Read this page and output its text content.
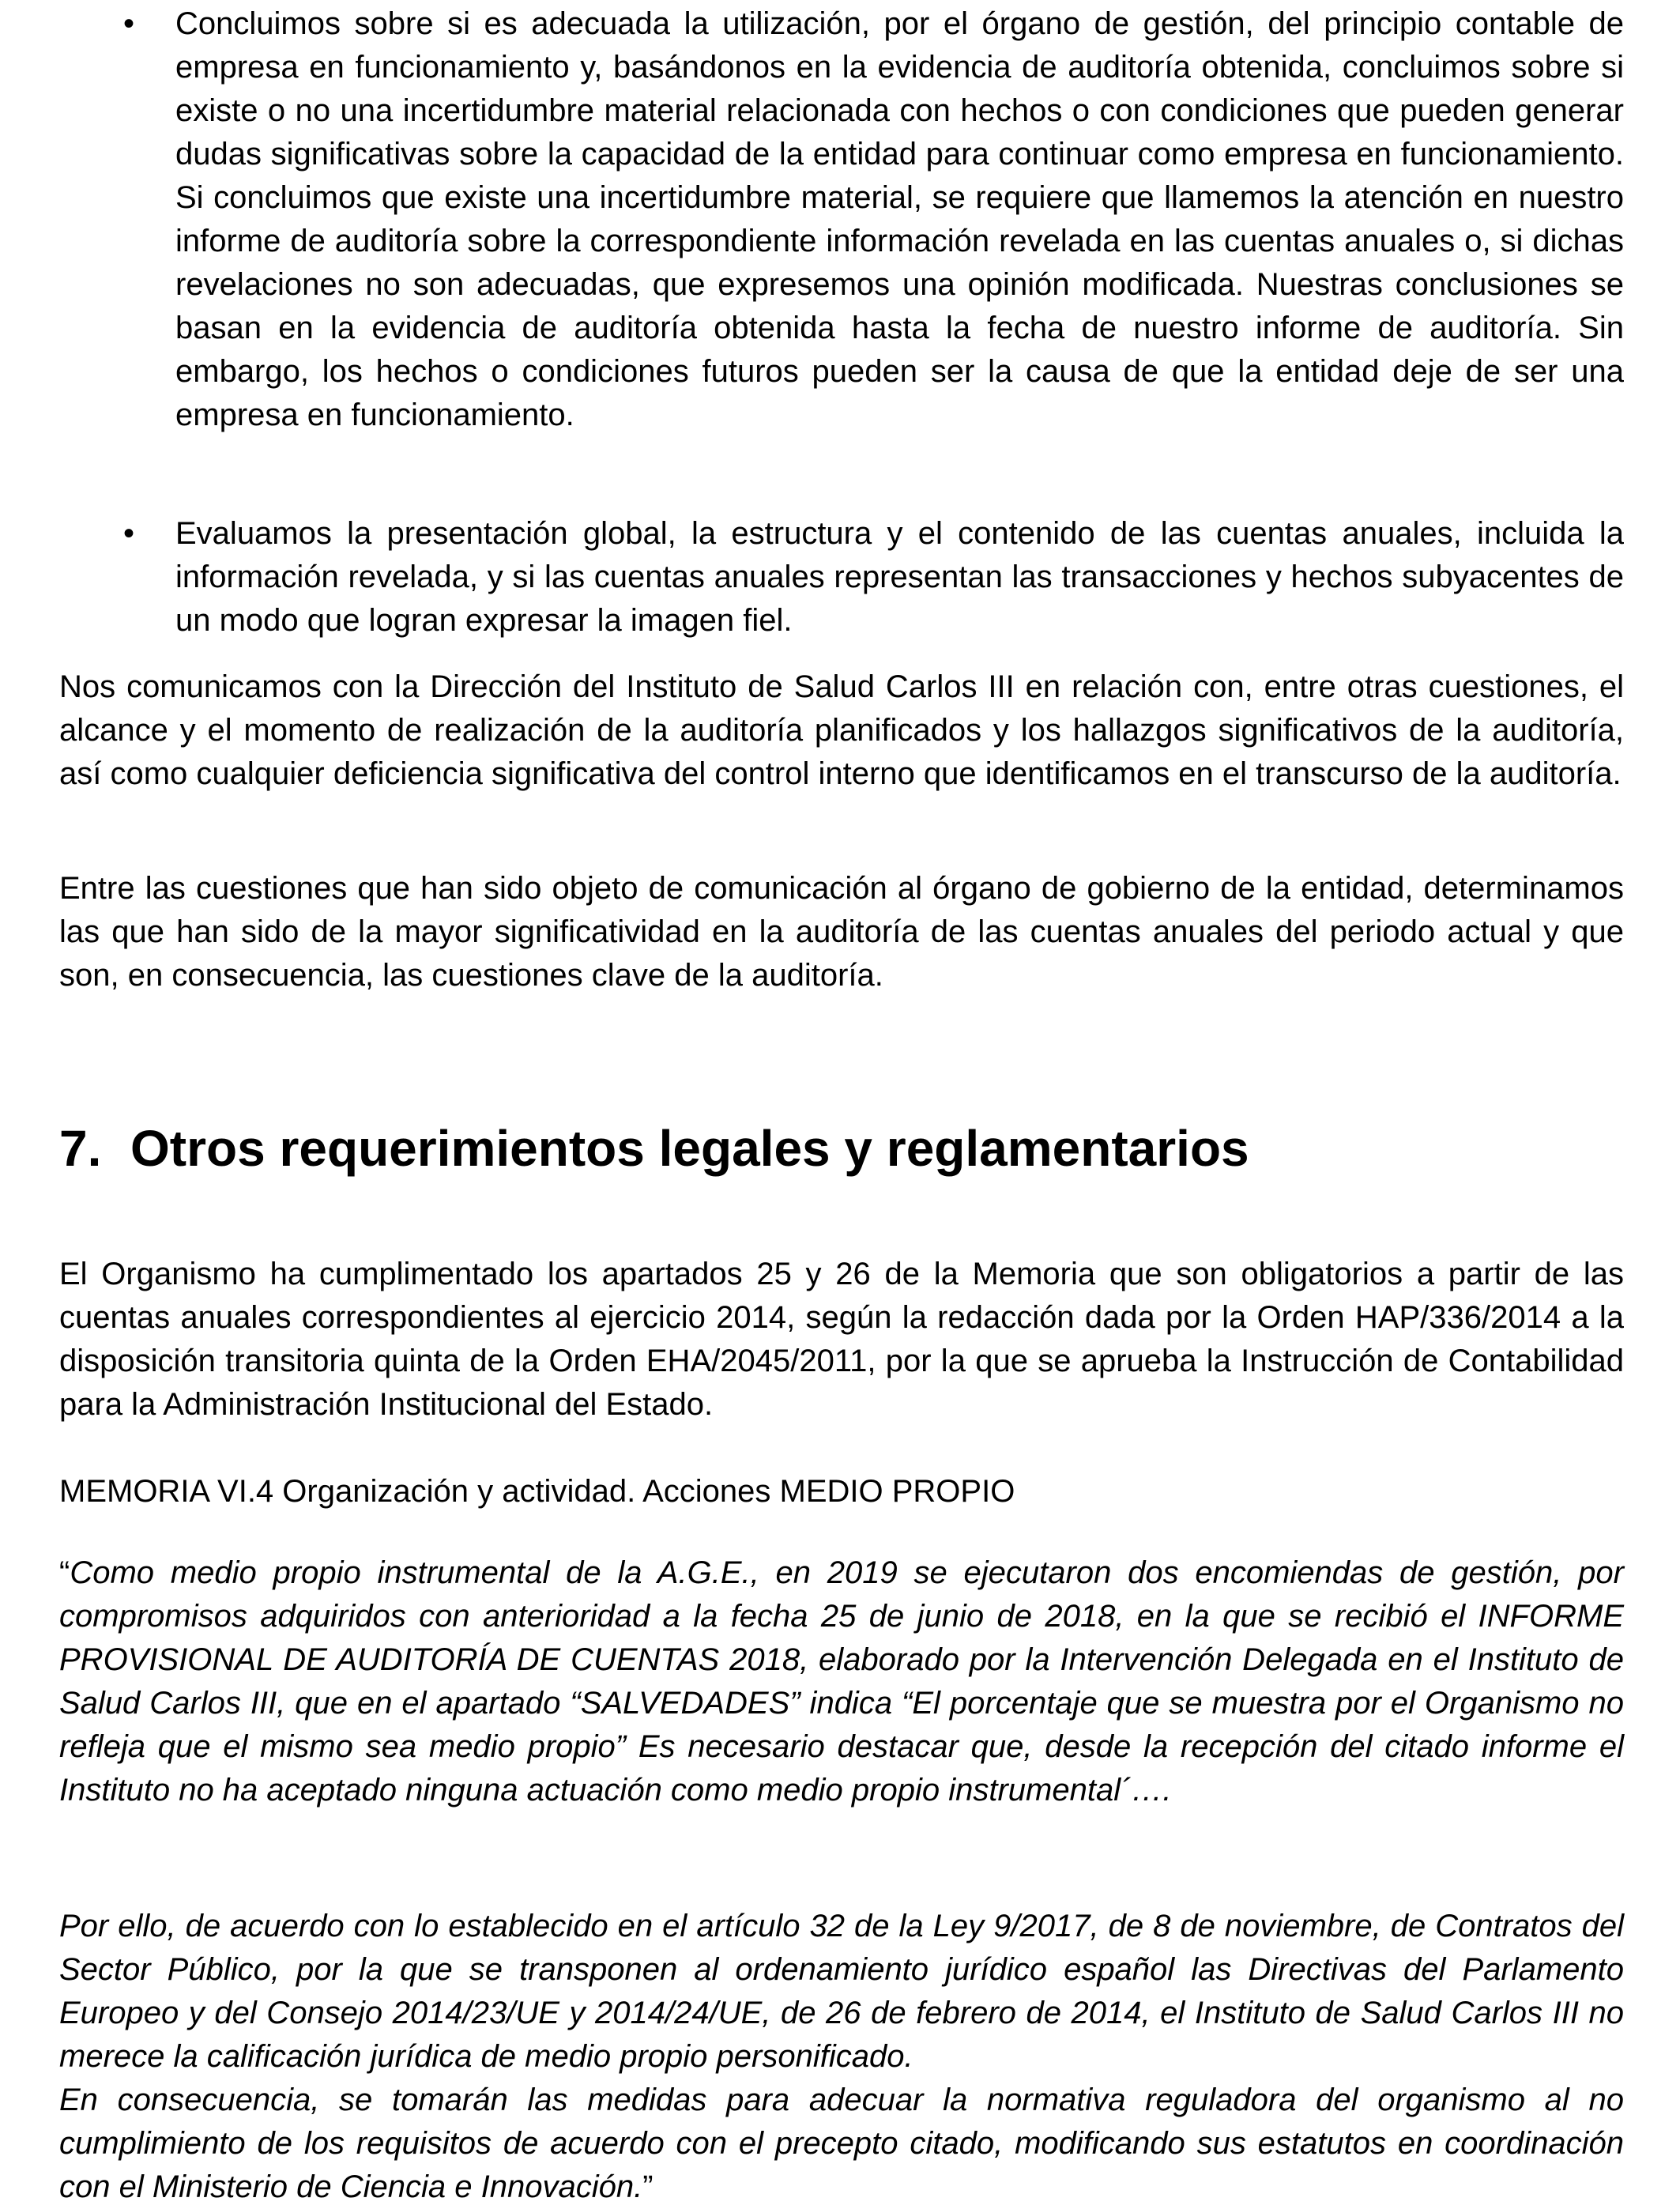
• Concluimos sobre si es adecuada la utilización, por el órgano de gestión, del principio contable de empresa en funcionamiento y, basándonos en la evidencia de auditoría obtenida, concluimos sobre si existe o no una incertidumbre material relacionada con hechos o con condiciones que pueden generar dudas significativas sobre la capacidad de la entidad para continuar como empresa en funcionamiento. Si concluimos que existe una incertidumbre material, se requiere que llamemos la atención en nuestro informe de auditoría sobre la correspondiente información revelada en las cuentas anuales o, si dichas revelaciones no son adecuadas, que expresemos una opinión modificada. Nuestras conclusiones se basan en la evidencia de auditoría obtenida hasta la fecha de nuestro informe de auditoría. Sin embargo, los hechos o condiciones futuros pueden ser la causa de que la entidad deje de ser una empresa en funcionamiento.
• Evaluamos la presentación global, la estructura y el contenido de las cuentas anuales, incluida la información revelada, y si las cuentas anuales representan las transacciones y hechos subyacentes de un modo que logran expresar la imagen fiel.

Nos comunicamos con la Dirección del Instituto de Salud Carlos III en relación con, entre otras cuestiones, el alcance y el momento de realización de la auditoría planificados y los hallazgos significativos de la auditoría, así como cualquier deficiencia significativa del control interno que identificamos en el transcurso de la auditoría.

Entre las cuestiones que han sido objeto de comunicación al órgano de gobierno de la entidad, determinamos las que han sido de la mayor significatividad en la auditoría de las cuentas anuales del periodo actual y que son, en consecuencia, las cuestiones clave de la auditoría.

7. Otros requerimientos legales y reglamentarios

El Organismo ha cumplimentado los apartados 25 y 26 de la Memoria que son obligatorios a partir de las cuentas anuales correspondientes al ejercicio 2014, según la redacción dada por la Orden HAP/336/2014 a la disposición transitoria quinta de la Orden EHA/2045/2011, por la que se aprueba la Instrucción de Contabilidad para la Administración Institucional del Estado.

MEMORIA VI.4 Organización y actividad. Acciones MEDIO PROPIO

“Como medio propio instrumental de la A.G.E., en 2019 se ejecutaron dos encomiendas de gestión, por compromisos adquiridos con anterioridad a la fecha 25 de junio de 2018, en la que se recibió el INFORME PROVISIONAL DE AUDITORÍA DE CUENTAS 2018, elaborado por la Intervención Delegada en el Instituto de Salud Carlos III, que en el apartado “SALVEDADES” indica “El porcentaje que se muestra por el Organismo no refleja que el mismo sea medio propio” Es necesario destacar que, desde la recepción del citado informe el Instituto no ha aceptado ninguna actuación como medio propio instrumental´….

Por ello, de acuerdo con lo establecido en el artículo 32 de la Ley 9/2017, de 8 de noviembre, de Contratos del Sector Público, por la que se transponen al ordenamiento jurídico español las Directivas del Parlamento Europeo y del Consejo 2014/23/UE y 2014/24/UE, de 26 de febrero de 2014, el Instituto de Salud Carlos III no merece la calificación jurídica de medio propio personificado.

En consecuencia, se tomarán las medidas para adecuar la normativa reguladora del organismo al no cumplimiento de los requisitos de acuerdo con el precepto citado, modificando sus estatutos en coordinación con el Ministerio de Ciencia e Innovación.”
